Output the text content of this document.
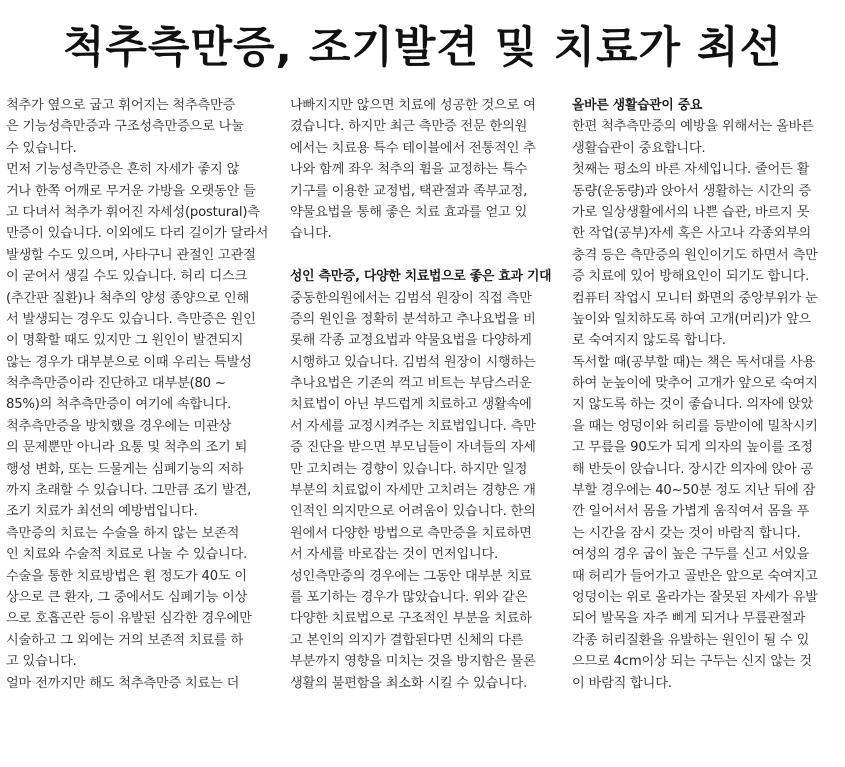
척추측만증, 조기발견 및 치료가 최선
척추가 옆으로 굽고 휘어지는 척추측만증
은 기능성측만증과 구조성측만증으로 나눌
수 있습니다.
먼저 기능성측만증은 흔히 자세가 좋지 않
거나 한쪽 어깨로 무거운 가방을 오랫동안 들
고 다녀서 척추가 휘어진 자세성(postural)측
만증이 있습니다. 이외에도 다리 길이가 달라서
발생할 수도 있으며, 사타구니 관절인 고관절
이 굳어서 생길 수도 있습니다. 허리 디스크
(추간판 질환)나 척추의 양성 종양으로 인해
서 발생되는 경우도 있습니다. 측만증은 원인
이 명확할 때도 있지만 그 원인이 발견되지
않는 경우가 대부분으로 이때 우리는 특발성
척추측만증이라 진단하고 대부분(80 ~
85%)의 척추측만증이 여기에 속합니다.
척추측만증을 방치했을 경우에는 미관상
의 문제뿐만 아니라 요통 및 척추의 조기 퇴
행성 변화, 또는 드물게는 심폐기능의 저하
까지 초래할 수 있습니다. 그만큼 조기 발견,
조기 치료가 최선의 예방법입니다.
측만증의 치료는 수술을 하지 않는 보존적
인 치료와 수술적 치료로 나눌 수 있습니다.
수술을 통한 치료방법은 휜 정도가 40도 이
상으로 큰 환자, 그 중에서도 심폐기능 이상
으로 호흡곤란 등이 유발된 심각한 경우에만
시술하고 그 외에는 거의 보존적 치료를 하
고 있습니다.
얼마 전까지만 해도 척추측만증 치료는 더
나빠지지만 않으면 치료에 성공한 것으로 여
겼습니다. 하지만 최근 측만증 전문 한의원
에서는 치료용 특수 테이블에서 전통적인 추
나와 함께 좌우 척추의 휨을 교정하는 특수
기구를 이용한 교정법, 택관절과 족부교정,
약물요법을 통해 좋은 치료 효과를 얻고 있
습니다.
성인 측만증, 다양한 치료법으로 좋은 효과 기대
중동한의원에서는 김범석 원장이 직접 측만
증의 원인을 정확히 분석하고 추나요법을 비
롯해 각종 교정요법과 약물요법을 다양하게
시행하고 있습니다. 김범석 원장이 시행하는
추나요법은 기존의 꺽고 비트는 부담스러운
치료법이 아닌 부드럽게 치료하고 생활속에
서 자세를 교정시켜주는 치료법입니다. 측만
증 진단을 받으면 부모님들이 자녀들의 자세
만 고치려는 경향이 있습니다. 하지만 일정
부분의 치료없이 자세만 고치려는 경향은 개
인적인 의지만으로 어려움이 있습니다. 한의
원에서 다양한 방법으로 측만증을 치료하면
서 자세를 바로잡는 것이 먼저입니다.
성인측만증의 경우에는 그동안 대부분 치료
를 포기하는 경우가 많았습니다. 위와 같은
다양한 치료법으로 구조적인 부분을 치료하
고 본인의 의지가 결합된다면 신체의 다른
부분까지 영향을 미치는 것을 방지함은 물론
생활의 불편함을 최소화 시킬 수 있습니다.
올바른 생활습관이 중요
한편 척추측만증의 예방을 위해서는 올바른
생활습관이 중요합니다.
첫째는 평소의 바른 자세입니다. 줄어든 활
동량(운동량)과 앉아서 생활하는 시간의 증
가로 일상생활에서의 나쁜 습관, 바르지 못
한 작업(공부)자세 혹은 사고나 각종외부의
충격 등은 측만증의 원인이기도 하면서 측만
증 치료에 있어 방해요인이 되기도 합니다.
컴퓨터 작업시 모니터 화면의 중앙부위가 눈
높이와 일치하도록 하여 고개(머리)가 앞으
로 숙여지지 않도록 합니다.
독서할 때(공부할 때)는 책은 독서대를 사용
하여 눈높이에 맞추어 고개가 앞으로 숙여지
지 않도록 하는 것이 좋습니다. 의자에 앉았
을 때는 엉덩이와 허리를 등받이에 밀착시키
고 무릎을 90도가 되게 의자의 높이를 조정
해 반듯이 앉습니다. 장시간 의자에 앉아 공
부할 경우에는 40~50분 정도 지난 뒤에 잠
깐 일어서서 몸을 가볍게 움직여서 몸을 푸
는 시간을 잠시 갖는 것이 바람직 합니다.
여성의 경우 굽이 높은 구두를 신고 서있을
때 허리가 들어가고 골반은 앞으로 숙여지고
엉덩이는 위로 올라가는 잘못된 자세가 유발
되어 발목을 자주 삐게 되거나 무릎관절과
각종 허리질환을 유발하는 원인이 될 수 있
으므로 4cm이상 되는 구두는 신지 않는 것
이 바람직 합니다.
